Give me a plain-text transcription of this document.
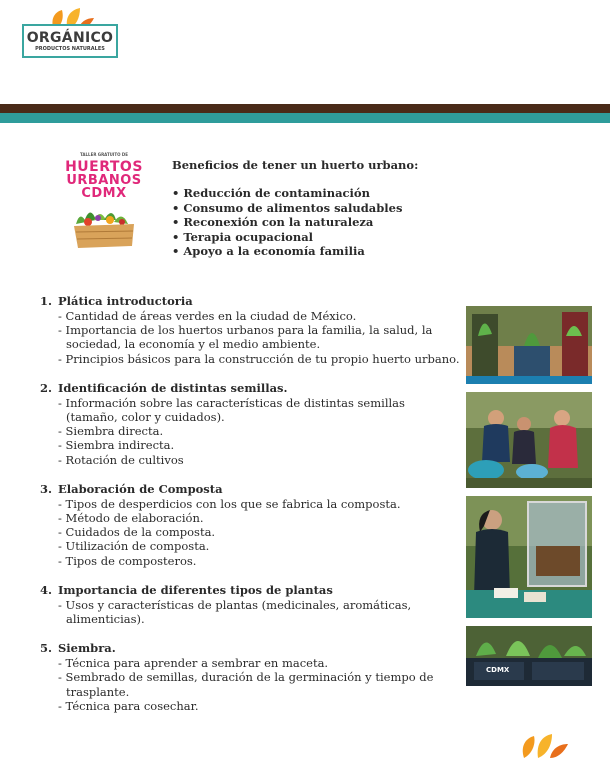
ORGÁNICO
PRODUCTOS NATURALES
TALLER GRATUITO DE
HUERTOS
URBANOS
CDMX
Beneficios de tener un huerto urbano:
• Reducción de contaminación
• Consumo de alimentos saludables
• Reconexión con la naturaleza
• Terapia ocupacional
• Apoyo a la economía familia
1. Plática introductoria
- Cantidad de áreas verdes en la ciudad de México.
- Importancia de los huertos urbanos para la familia, la salud, la sociedad, la economía y el medio ambiente.
- Principios básicos para la construcción de tu propio huerto urbano.
2. Identificación de distintas semillas.
- Información sobre las características de distintas semillas (tamaño, color y cuidados).
- Siembra directa.
- Siembra indirecta.
- Rotación de cultivos
3. Elaboración de Composta
- Tipos de desperdicios con los que se fabrica la composta.
- Método de elaboración.
- Cuidados de la composta.
- Utilización de composta.
- Tipos de composteros.
4. Importancia de diferentes tipos de plantas
- Usos y características de plantas (medicinales, aromáticas, alimenticias).
5. Siembra.
- Técnica para aprender a sembrar en maceta.
- Sembrado de semillas, duración de la germinación y tiempo de trasplante.
- Técnica para cosechar.
CDMX
